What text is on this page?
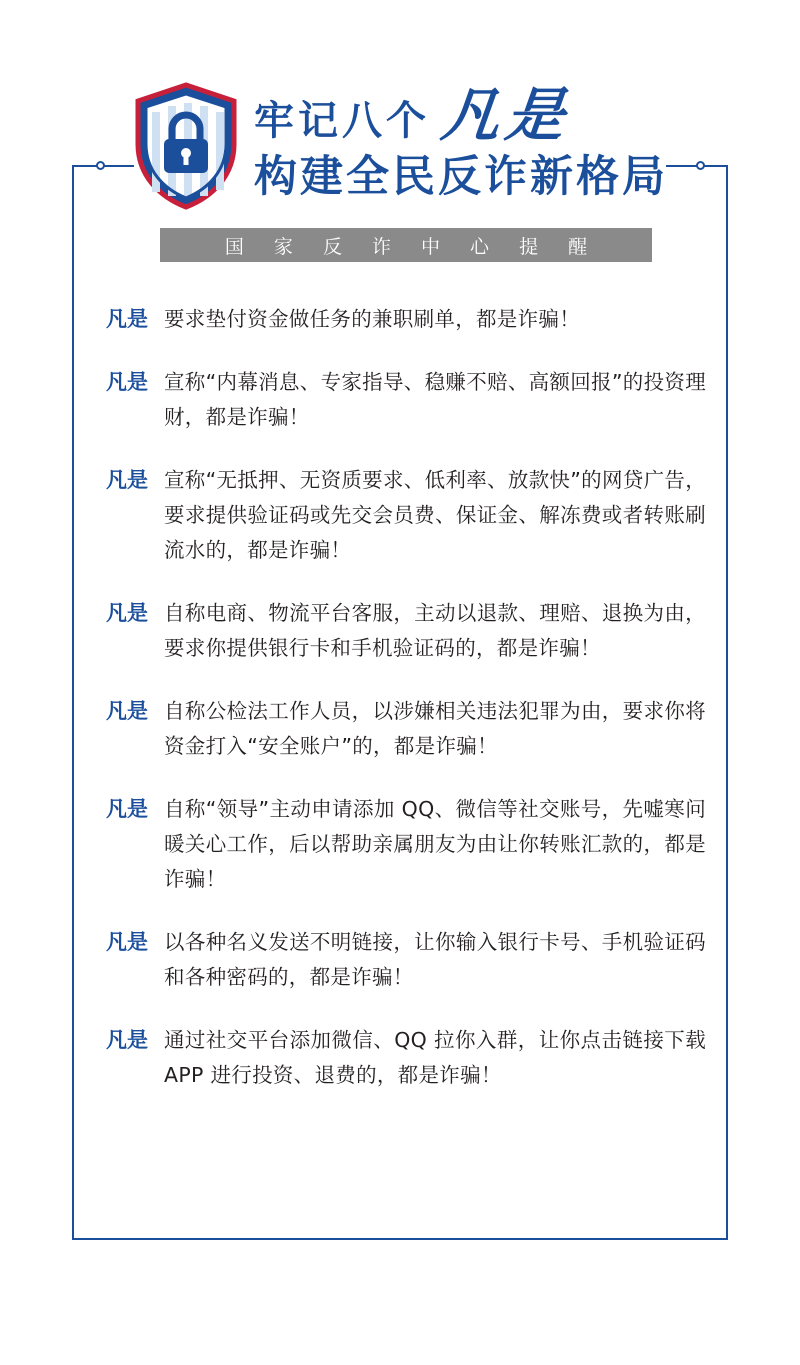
牢记八个 凡是
构建全民反诈新格局
国 家 反 诈 中 心 提 醒
凡是 要求垫付资金做任务的兼职刷单，都是诈骗！
凡是 宣称“内幕消息、专家指导、稳赚不赔、高额回报”的投资理财，都是诈骗！
凡是 宣称“无抵押、无资质要求、低利率、放款快”的网贷广告，要求提供验证码或先交会员费、保证金、解冻费或者转账刷流水的，都是诈骗！
凡是 自称电商、物流平台客服，主动以退款、理赔、退换为由，要求你提供银行卡和手机验证码的，都是诈骗！
凡是 自称公检法工作人员，以涉嫌相关违法犯罪为由，要求你将资金打入“安全账户”的，都是诈骗！
凡是 自称“领导”主动申请添加 QQ、微信等社交账号，先嘘寒问暖关心工作，后以帮助亲属朋友为由让你转账汇款的，都是诈骗！
凡是 以各种名义发送不明链接，让你输入银行卡号、手机验证码和各种密码的，都是诈骗！
凡是 通过社交平台添加微信、QQ 拉你入群，让你点击链接下载 APP 进行投资、退费的，都是诈骗！
